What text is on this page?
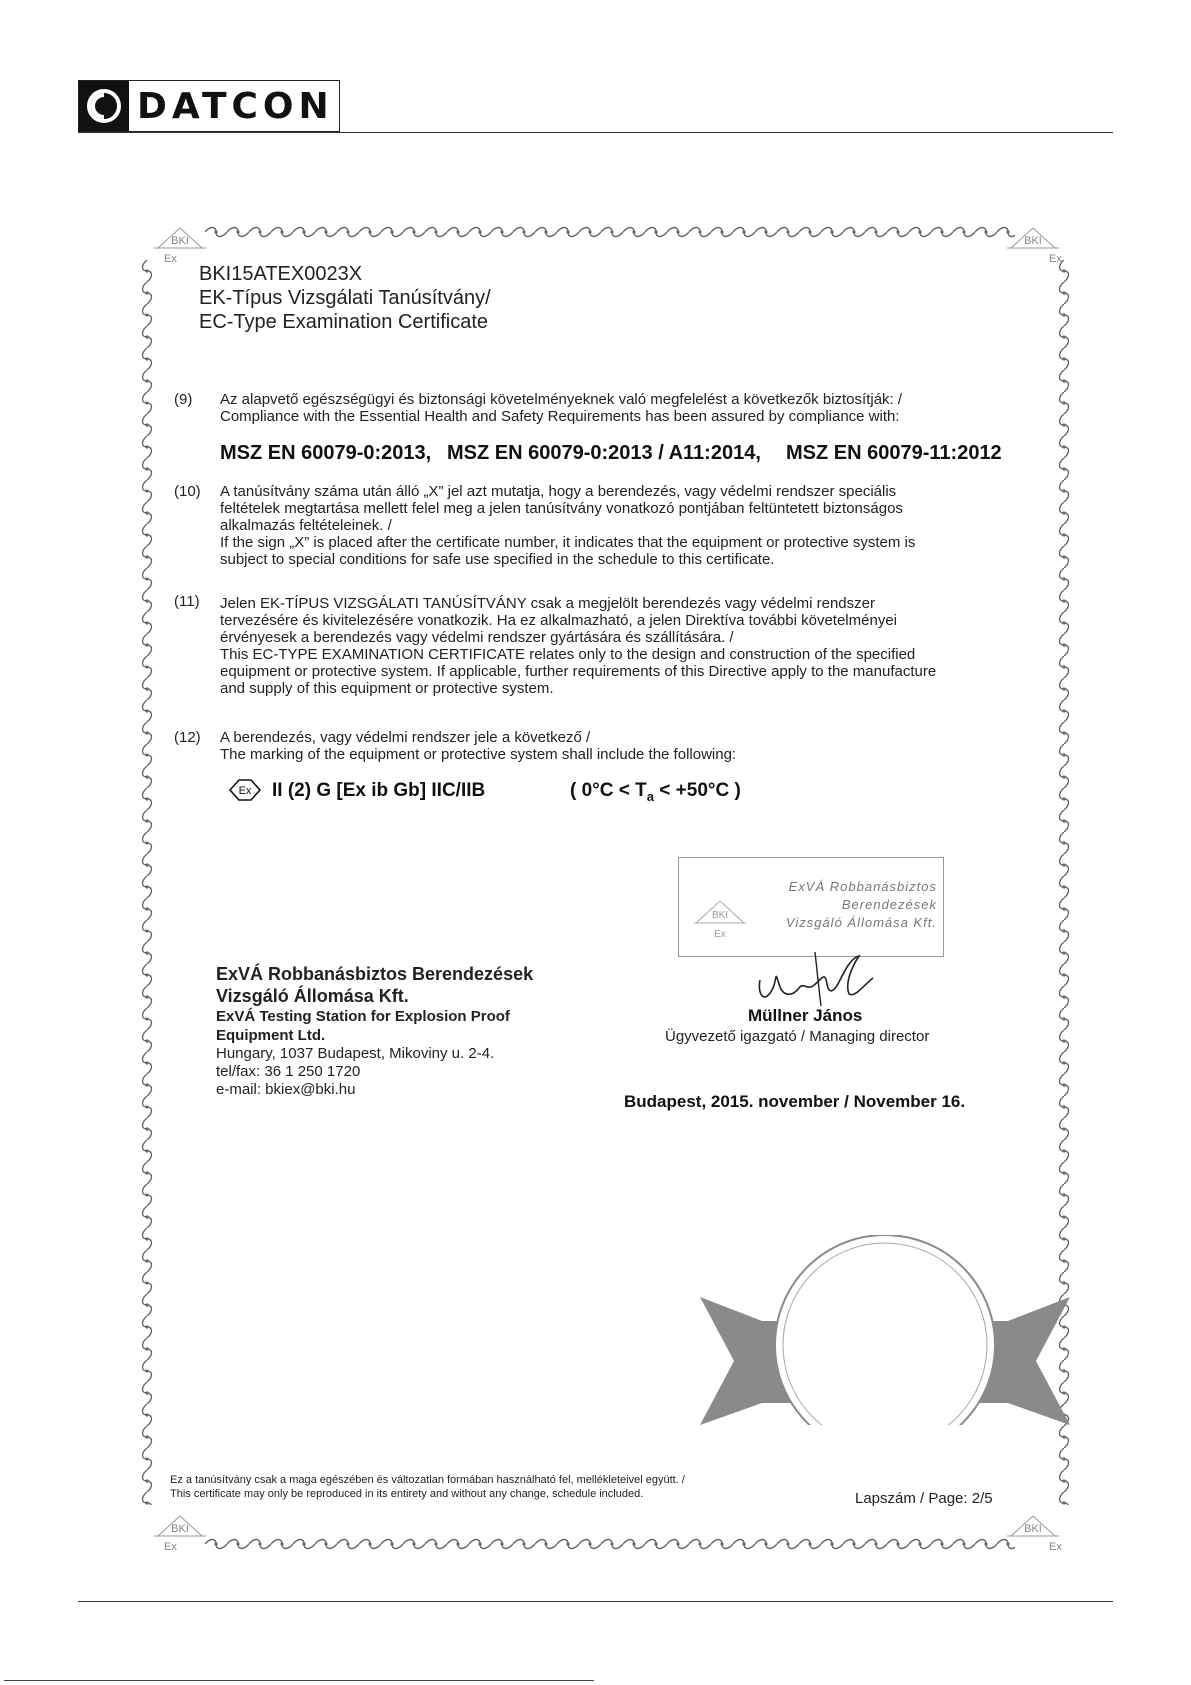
DATCON
BKI
Ex
BKI
Ex
BKI
Ex
BKI
Ex
BKI15ATEX0023X
EK-Típus Vizsgálati Tanúsítvány/
EC-Type Examination Certificate
(9) Az alapvető egészségügyi és biztonsági követelményeknek való megfelelést a következők biztosítják: /
Compliance with the Essential Health and Safety Requirements has been assured by compliance with:
MSZ EN 60079-0:2013, MSZ EN 60079-0:2013 / A11:2014, MSZ EN 60079-11:2012
(10) A tanúsítvány száma után álló „X” jel azt mutatja, hogy a berendezés, vagy védelmi rendszer speciális
feltételek megtartása mellett felel meg a jelen tanúsítvány vonatkozó pontjában feltüntetett biztonságos
alkalmazás feltételeinek. /
If the sign „X” is placed after the certificate number, it indicates that the equipment or protective system is
subject to special conditions for safe use specified in the schedule to this certificate.
(11) Jelen EK-TÍPUS VIZSGÁLATI TANÚSÍTVÁNY csak a megjelölt berendezés vagy védelmi rendszer
tervezésére és kivitelezésére vonatkozik. Ha ez alkalmazható, a jelen Direktíva további követelményei
érvényesek a berendezés vagy védelmi rendszer gyártására és szállítására. /
This EC-TYPE EXAMINATION CERTIFICATE relates only to the design and construction of the specified
equipment or protective system. If applicable, further requirements of this Directive apply to the manufacture
and supply of this equipment or protective system.
(12) A berendezés, vagy védelmi rendszer jele a következő /
The marking of the equipment or protective system shall include the following:
Ex II (2) G [Ex ib Gb] IIC/IIB	( $0^\circ C < T_a < +50^\circ C$ )
BKI
Ex
ExVÁ Robbanásbiztos
Berendezések
Vizsgáló Állomása Kft.
Müllner János
Ügyvezető igazgató / Managing director
ExVÁ Robbanásbiztos Berendezések
Vizsgáló Állomása Kft.
ExVÁ Testing Station for Explosion Proof
Equipment Ltd.
Hungary, 1037 Budapest, Mikoviny u. 2-4.
tel/fax: 36 1 250 1720
e-mail: bkiex@bki.hu
Budapest, 2015. november / November 16.
Ez a tanúsítvány csak a maga egészében és változatlan formában használható fel, mellékleteivel együtt. /
This certificate may only be reproduced in its entirety and without any change, schedule included.	Lapszám / Page: 2/5
